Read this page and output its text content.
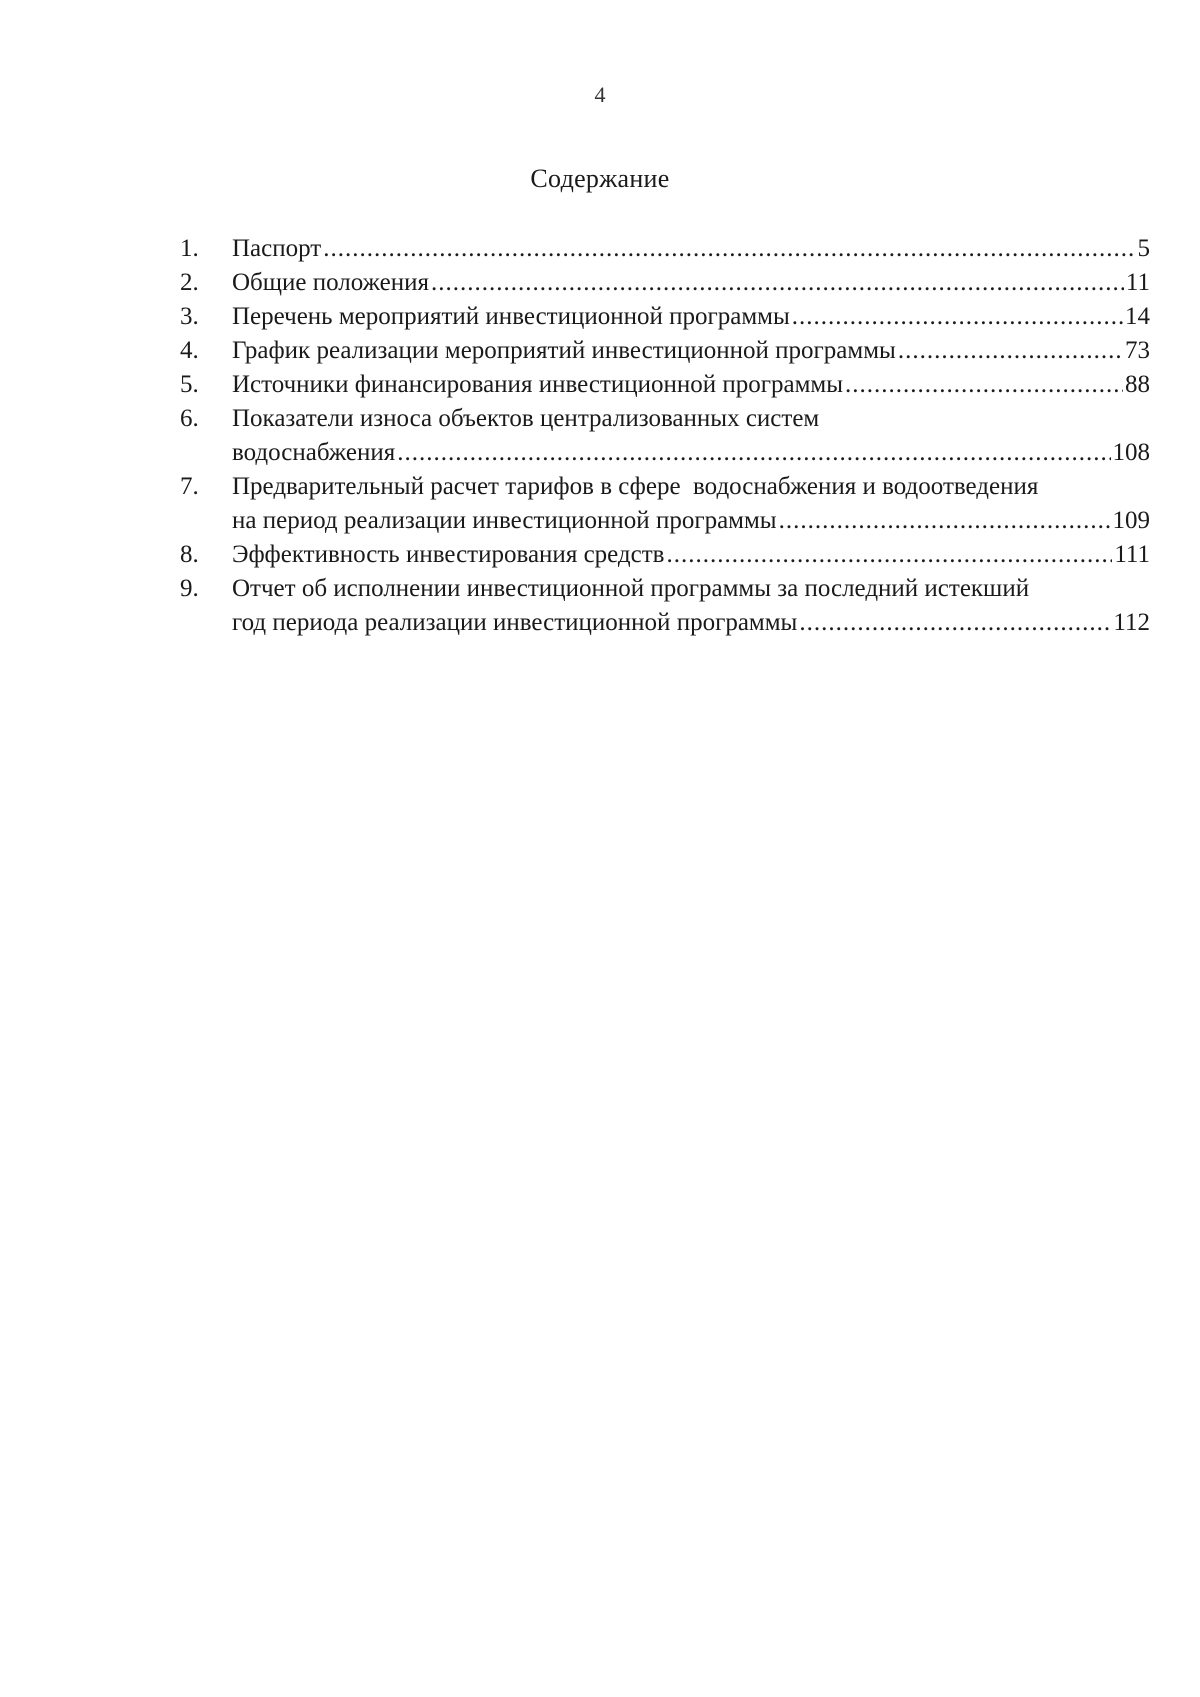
4
Содержание
1.	Паспорт .....	5
2.	Общие положения .....	11
3.	Перечень мероприятий инвестиционной программы .....	14
4.	График реализации мероприятий инвестиционной программы .....	73
5.	Источники финансирования инвестиционной программы .....	88
6.	Показатели износа объектов централизованных систем
водоснабжения .....	108
7.	Предварительный расчет тарифов в сфере  водоснабжения и водоотведения
на период реализации инвестиционной программы .....	109
8.	Эффективность инвестирования средств .....	111
9.	Отчет об исполнении инвестиционной программы за последний истекший
год периода реализации инвестиционной программы .....	112
